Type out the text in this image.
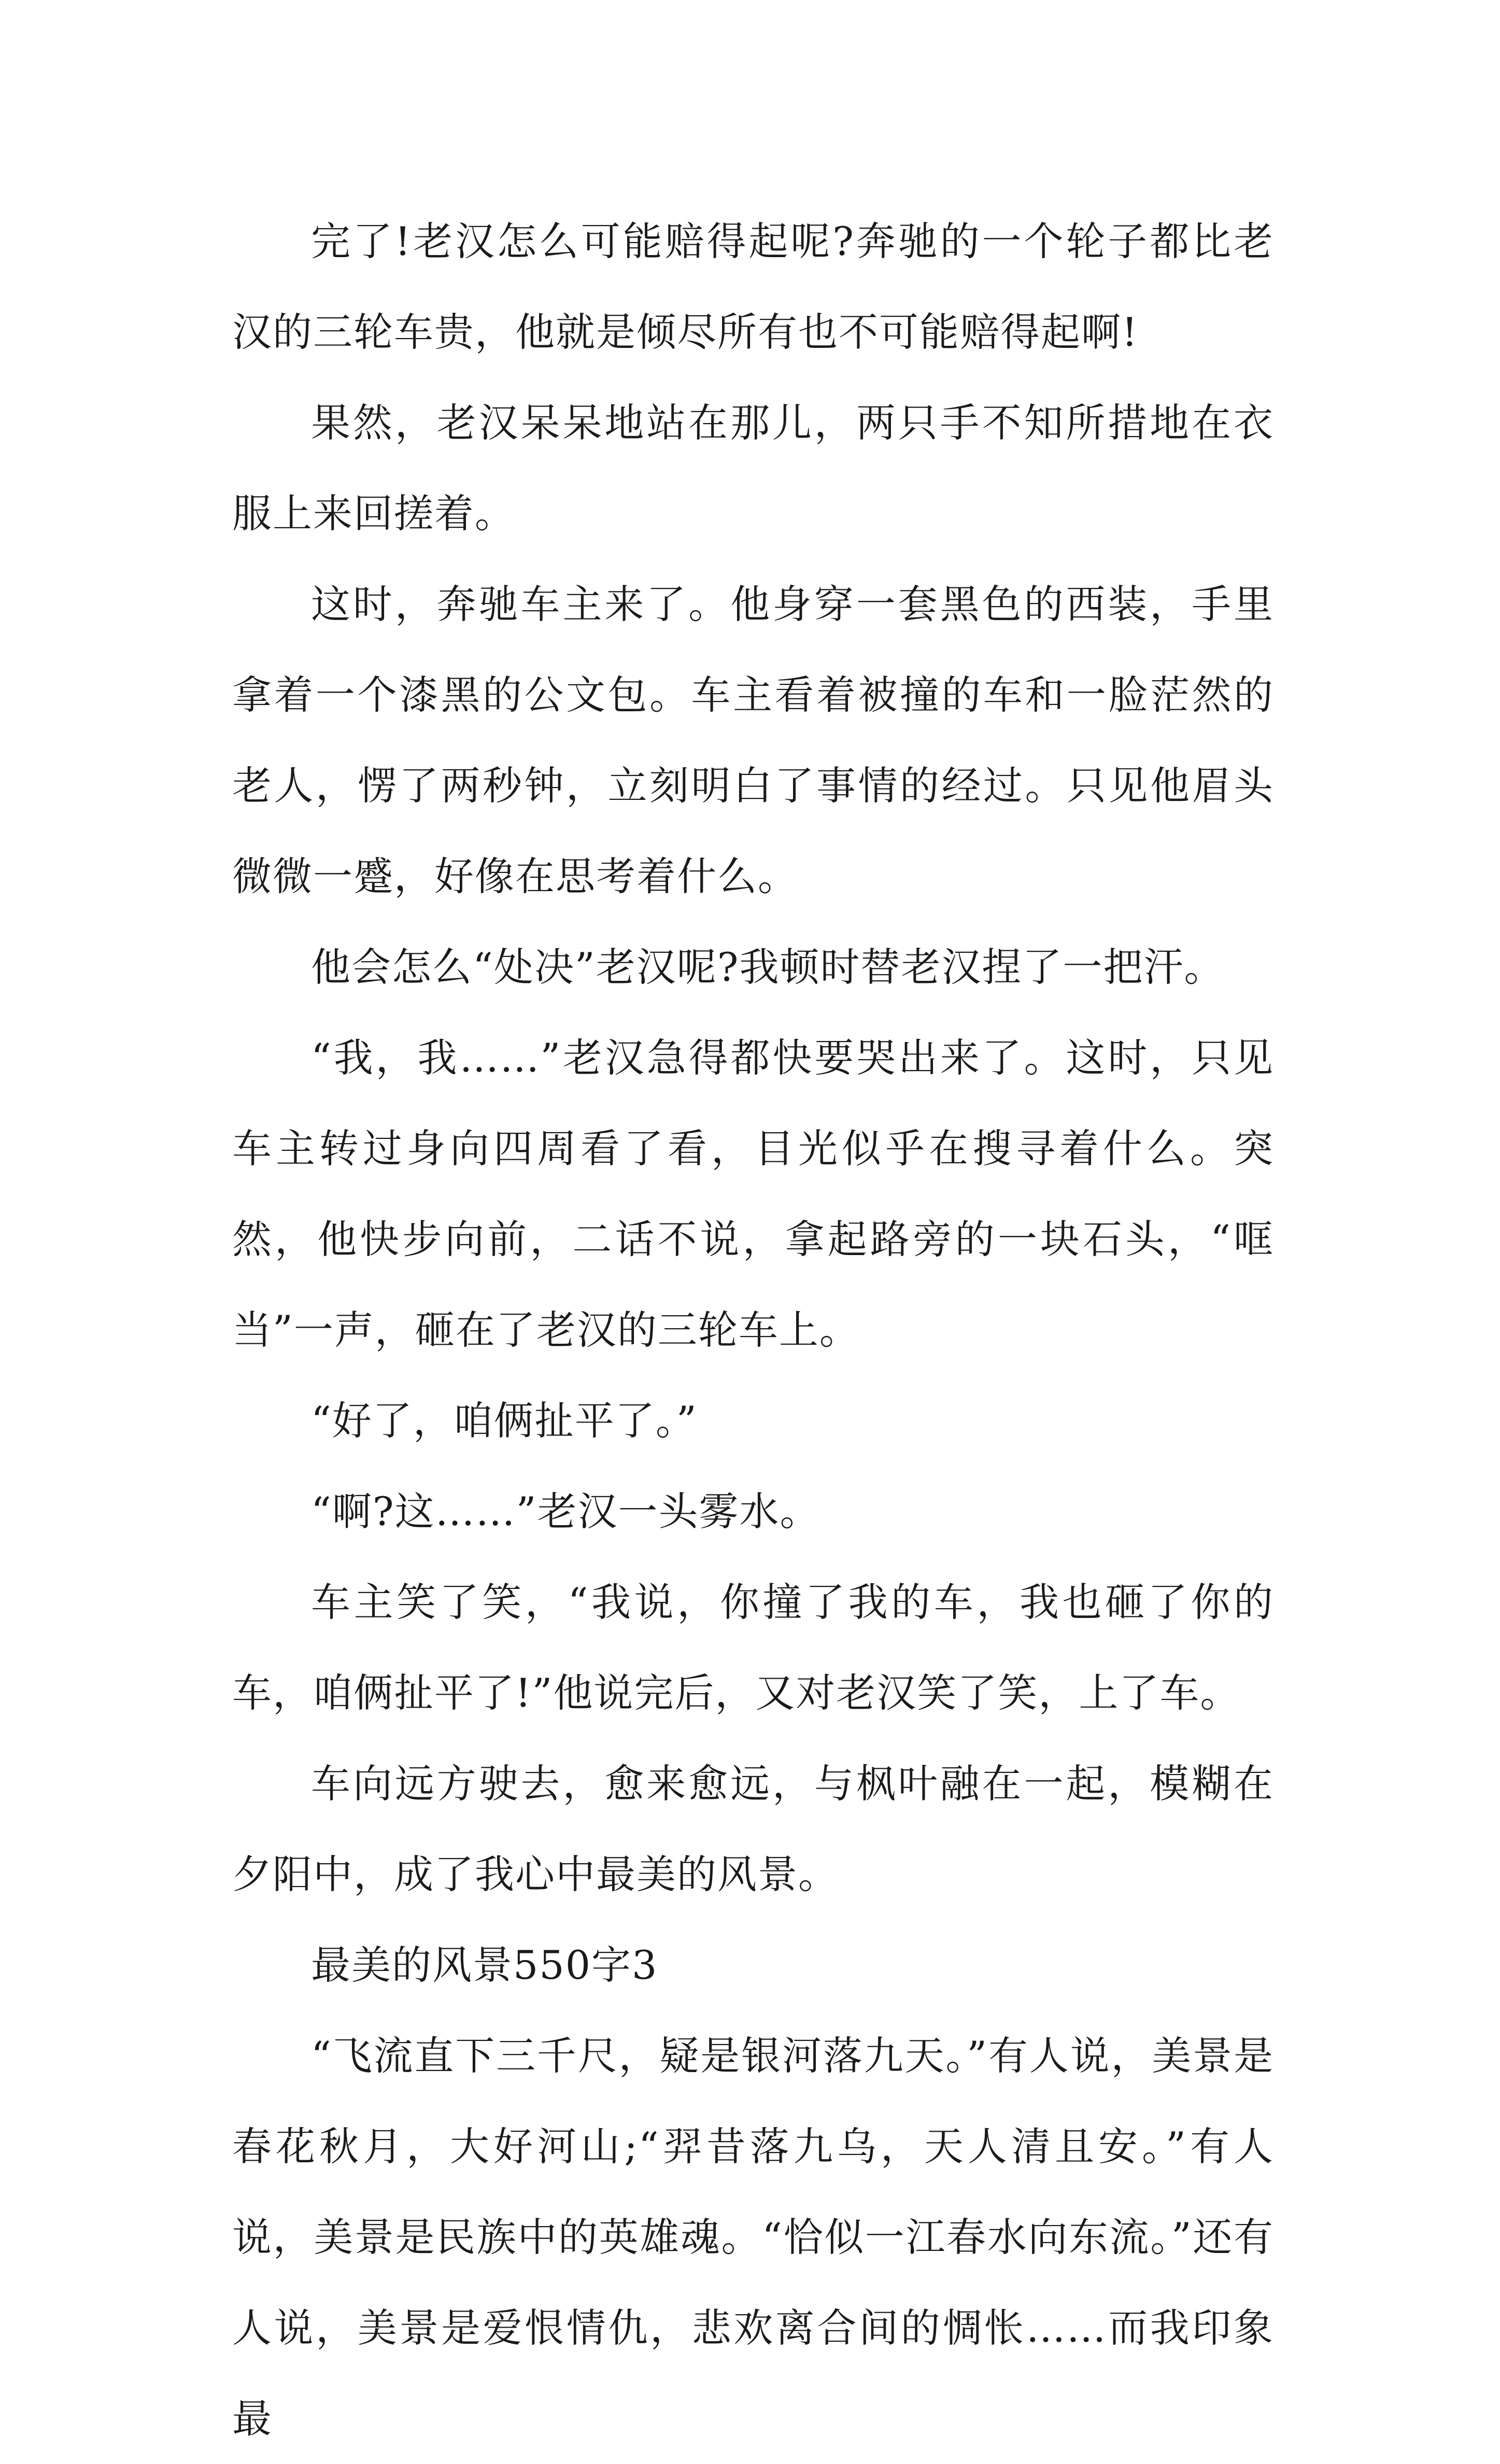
完了!老汉怎么可能赔得起呢?奔驰的一个轮子都比老汉的三轮车贵，他就是倾尽所有也不可能赔得起啊!

果然，老汉呆呆地站在那儿，两只手不知所措地在衣服上来回搓着。

这时，奔驰车主来了。他身穿一套黑色的西装，手里拿着一个漆黑的公文包。车主看着被撞的车和一脸茫然的老人，愣了两秒钟，立刻明白了事情的经过。只见他眉头微微一蹙，好像在思考着什么。

他会怎么“处决”老汉呢?我顿时替老汉捏了一把汗。

“我，我……”老汉急得都快要哭出来了。这时，只见车主转过身向四周看了看，目光似乎在搜寻着什么。突然，他快步向前，二话不说，拿起路旁的一块石头，“哐当”一声，砸在了老汉的三轮车上。

“好了，咱俩扯平了。”

“啊?这……”老汉一头雾水。

车主笑了笑，“我说，你撞了我的车，我也砸了你的车，咱俩扯平了!”他说完后，又对老汉笑了笑，上了车。

车向远方驶去，愈来愈远，与枫叶融在一起，模糊在夕阳中，成了我心中最美的风景。

最美的风景550字3

“飞流直下三千尺，疑是银河落九天。”有人说，美景是春花秋月，大好河山;“羿昔落九乌，天人清且安。”有人说，美景是民族中的英雄魂。“恰似一江春水向东流。”还有人说，美景是爱恨情仇，悲欢离合间的惆怅……而我印象最
